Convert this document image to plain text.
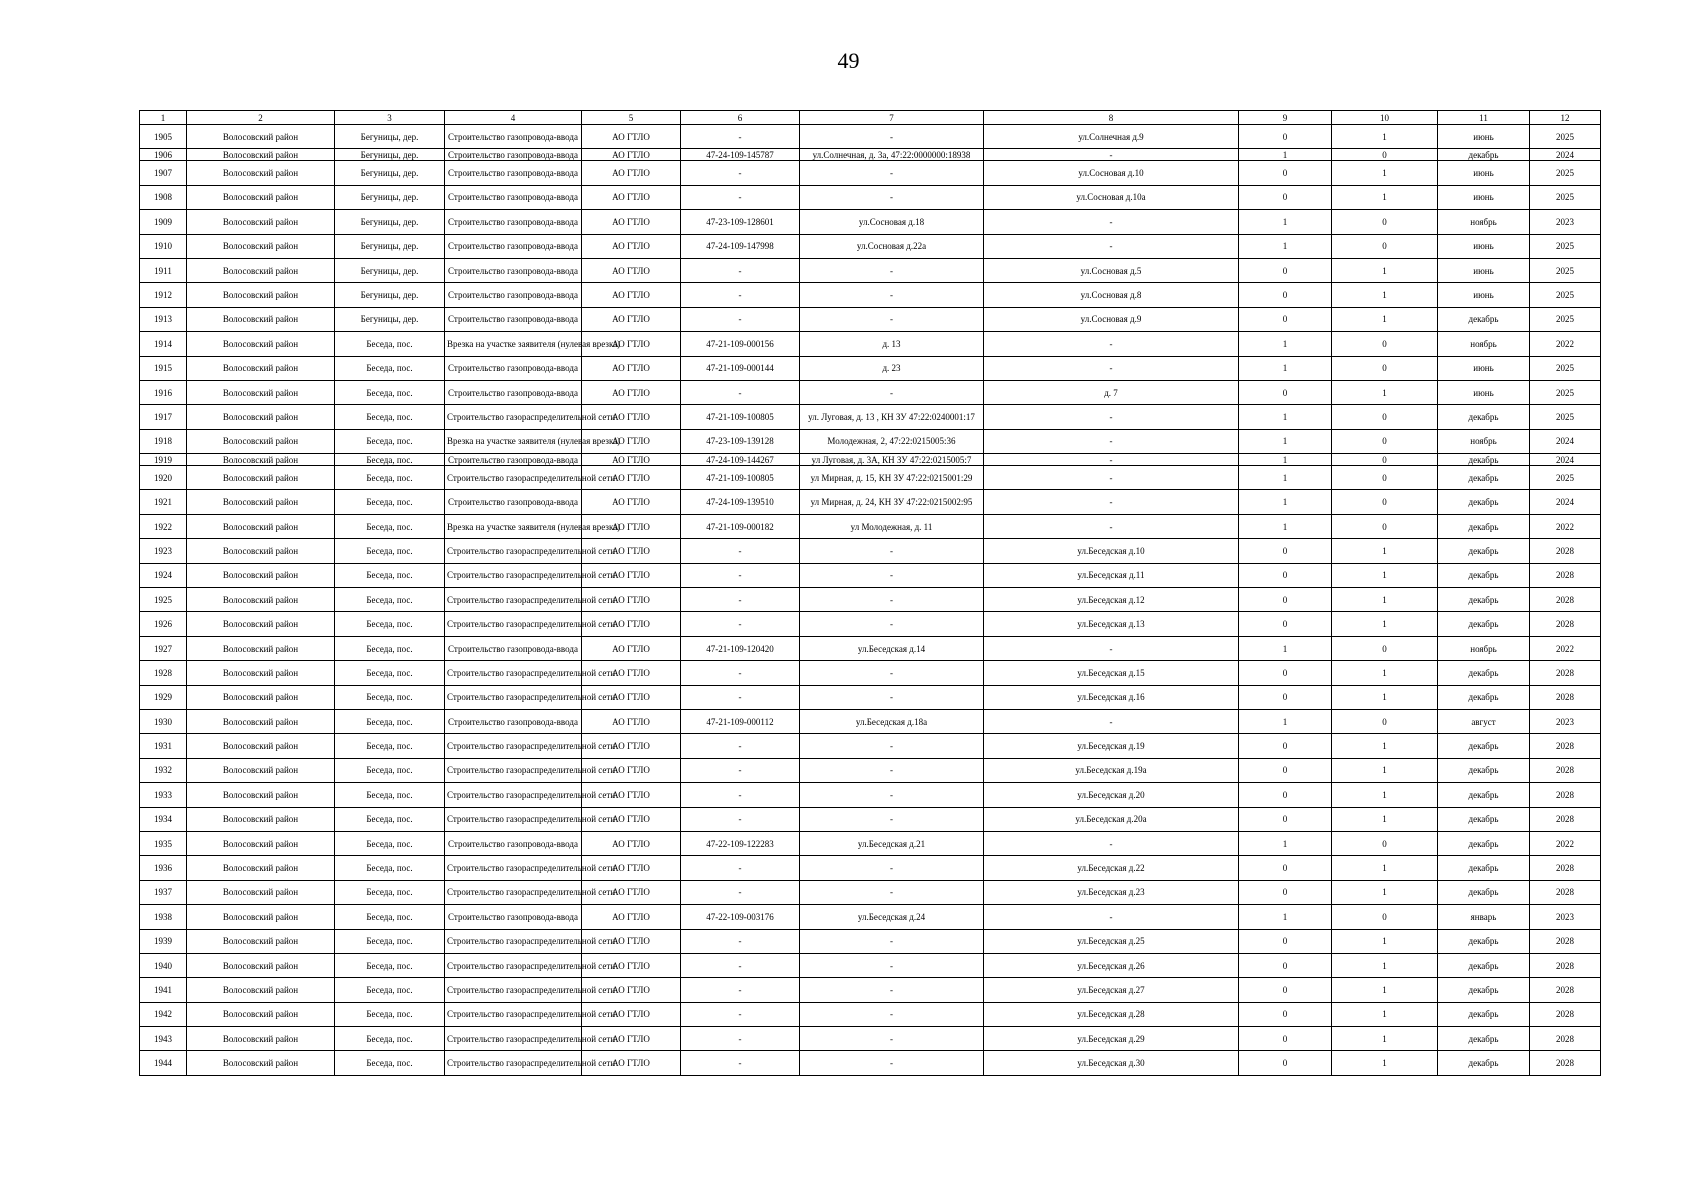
49
1	2	3	4	5	6	7	8	9	10	11	12
1905	Волосовский район	Бегуницы, дер.	Строительство газопровода-ввода	АО ГТЛО	-	-	ул.Солнечная д.9	0	1	июнь	2025
1906	Волосовский район	Бегуницы, дер.	Строительство газопровода-ввода	АО ГТЛО	47-24-109-145787	ул.Солнечная, д. 3а, 47:22:0000000:18938	-	1	0	декабрь	2024
1907	Волосовский район	Бегуницы, дер.	Строительство газопровода-ввода	АО ГТЛО	-	-	ул.Сосновая д.10	0	1	июнь	2025
1908	Волосовский район	Бегуницы, дер.	Строительство газопровода-ввода	АО ГТЛО	-	-	ул.Сосновая д.10а	0	1	июнь	2025
1909	Волосовский район	Бегуницы, дер.	Строительство газопровода-ввода	АО ГТЛО	47-23-109-128601	ул.Сосновая д.18	-	1	0	ноябрь	2023
1910	Волосовский район	Бегуницы, дер.	Строительство газопровода-ввода	АО ГТЛО	47-24-109-147998	ул.Сосновая д.22а	-	1	0	июнь	2025
1911	Волосовский район	Бегуницы, дер.	Строительство газопровода-ввода	АО ГТЛО	-	-	ул.Сосновая д.5	0	1	июнь	2025
1912	Волосовский район	Бегуницы, дер.	Строительство газопровода-ввода	АО ГТЛО	-	-	ул.Сосновая д.8	0	1	июнь	2025
1913	Волосовский район	Бегуницы, дер.	Строительство газопровода-ввода	АО ГТЛО	-	-	ул.Сосновая д.9	0	1	декабрь	2025
1914	Волосовский район	Беседа, пос.	Врезка на участке заявителя (нулевая врезка)	АО ГТЛО	47-21-109-000156	д. 13	-	1	0	ноябрь	2022
1915	Волосовский район	Беседа, пос.	Строительство газопровода-ввода	АО ГТЛО	47-21-109-000144	д. 23	-	1	0	июнь	2025
1916	Волосовский район	Беседа, пос.	Строительство газопровода-ввода	АО ГТЛО	-	-	д. 7	0	1	июнь	2025
1917	Волосовский район	Беседа, пос.	Строительство газораспределительной сети	АО ГТЛО	47-21-109-100805	ул. Луговая, д. 13 , КН ЗУ 47:22:0240001:17	-	1	0	декабрь	2025
1918	Волосовский район	Беседа, пос.	Врезка на участке заявителя (нулевая врезка)	АО ГТЛО	47-23-109-139128	Молодежная, 2, 47:22:0215005:36	-	1	0	ноябрь	2024
1919	Волосовский район	Беседа, пос.	Строительство газопровода-ввода	АО ГТЛО	47-24-109-144267	ул Луговая, д. 3А, КН ЗУ 47:22:0215005:7	-	1	0	декабрь	2024
1920	Волосовский район	Беседа, пос.	Строительство газораспределительной сети	АО ГТЛО	47-21-109-100805	ул Мирная, д. 15, КН ЗУ 47:22:0215001:29	-	1	0	декабрь	2025
1921	Волосовский район	Беседа, пос.	Строительство газопровода-ввода	АО ГТЛО	47-24-109-139510	ул Мирная, д. 24, КН ЗУ 47:22:0215002:95	-	1	0	декабрь	2024
1922	Волосовский район	Беседа, пос.	Врезка на участке заявителя (нулевая врезка)	АО ГТЛО	47-21-109-000182	ул Молодежная, д. 11	-	1	0	декабрь	2022
1923	Волосовский район	Беседа, пос.	Строительство газораспределительной сети	АО ГТЛО	-	-	ул.Беседская д.10	0	1	декабрь	2028
1924	Волосовский район	Беседа, пос.	Строительство газораспределительной сети	АО ГТЛО	-	-	ул.Беседская д.11	0	1	декабрь	2028
1925	Волосовский район	Беседа, пос.	Строительство газораспределительной сети	АО ГТЛО	-	-	ул.Беседская д.12	0	1	декабрь	2028
1926	Волосовский район	Беседа, пос.	Строительство газораспределительной сети	АО ГТЛО	-	-	ул.Беседская д.13	0	1	декабрь	2028
1927	Волосовский район	Беседа, пос.	Строительство газопровода-ввода	АО ГТЛО	47-21-109-120420	ул.Беседская д.14	-	1	0	ноябрь	2022
1928	Волосовский район	Беседа, пос.	Строительство газораспределительной сети	АО ГТЛО	-	-	ул.Беседская д.15	0	1	декабрь	2028
1929	Волосовский район	Беседа, пос.	Строительство газораспределительной сети	АО ГТЛО	-	-	ул.Беседская д.16	0	1	декабрь	2028
1930	Волосовский район	Беседа, пос.	Строительство газопровода-ввода	АО ГТЛО	47-21-109-000112	ул.Беседская д.18а	-	1	0	август	2023
1931	Волосовский район	Беседа, пос.	Строительство газораспределительной сети	АО ГТЛО	-	-	ул.Беседская д.19	0	1	декабрь	2028
1932	Волосовский район	Беседа, пос.	Строительство газораспределительной сети	АО ГТЛО	-	-	ул.Беседская д.19а	0	1	декабрь	2028
1933	Волосовский район	Беседа, пос.	Строительство газораспределительной сети	АО ГТЛО	-	-	ул.Беседская д.20	0	1	декабрь	2028
1934	Волосовский район	Беседа, пос.	Строительство газораспределительной сети	АО ГТЛО	-	-	ул.Беседская д.20а	0	1	декабрь	2028
1935	Волосовский район	Беседа, пос.	Строительство газопровода-ввода	АО ГТЛО	47-22-109-122283	ул.Беседская д.21	-	1	0	декабрь	2022
1936	Волосовский район	Беседа, пос.	Строительство газораспределительной сети	АО ГТЛО	-	-	ул.Беседская д.22	0	1	декабрь	2028
1937	Волосовский район	Беседа, пос.	Строительство газораспределительной сети	АО ГТЛО	-	-	ул.Беседская д.23	0	1	декабрь	2028
1938	Волосовский район	Беседа, пос.	Строительство газопровода-ввода	АО ГТЛО	47-22-109-003176	ул.Беседская д.24	-	1	0	январь	2023
1939	Волосовский район	Беседа, пос.	Строительство газораспределительной сети	АО ГТЛО	-	-	ул.Беседская д.25	0	1	декабрь	2028
1940	Волосовский район	Беседа, пос.	Строительство газораспределительной сети	АО ГТЛО	-	-	ул.Беседская д.26	0	1	декабрь	2028
1941	Волосовский район	Беседа, пос.	Строительство газораспределительной сети	АО ГТЛО	-	-	ул.Беседская д.27	0	1	декабрь	2028
1942	Волосовский район	Беседа, пос.	Строительство газораспределительной сети	АО ГТЛО	-	-	ул.Беседская д.28	0	1	декабрь	2028
1943	Волосовский район	Беседа, пос.	Строительство газораспределительной сети	АО ГТЛО	-	-	ул.Беседская д.29	0	1	декабрь	2028
1944	Волосовский район	Беседа, пос.	Строительство газораспределительной сети	АО ГТЛО	-	-	ул.Беседская д.30	0	1	декабрь	2028
